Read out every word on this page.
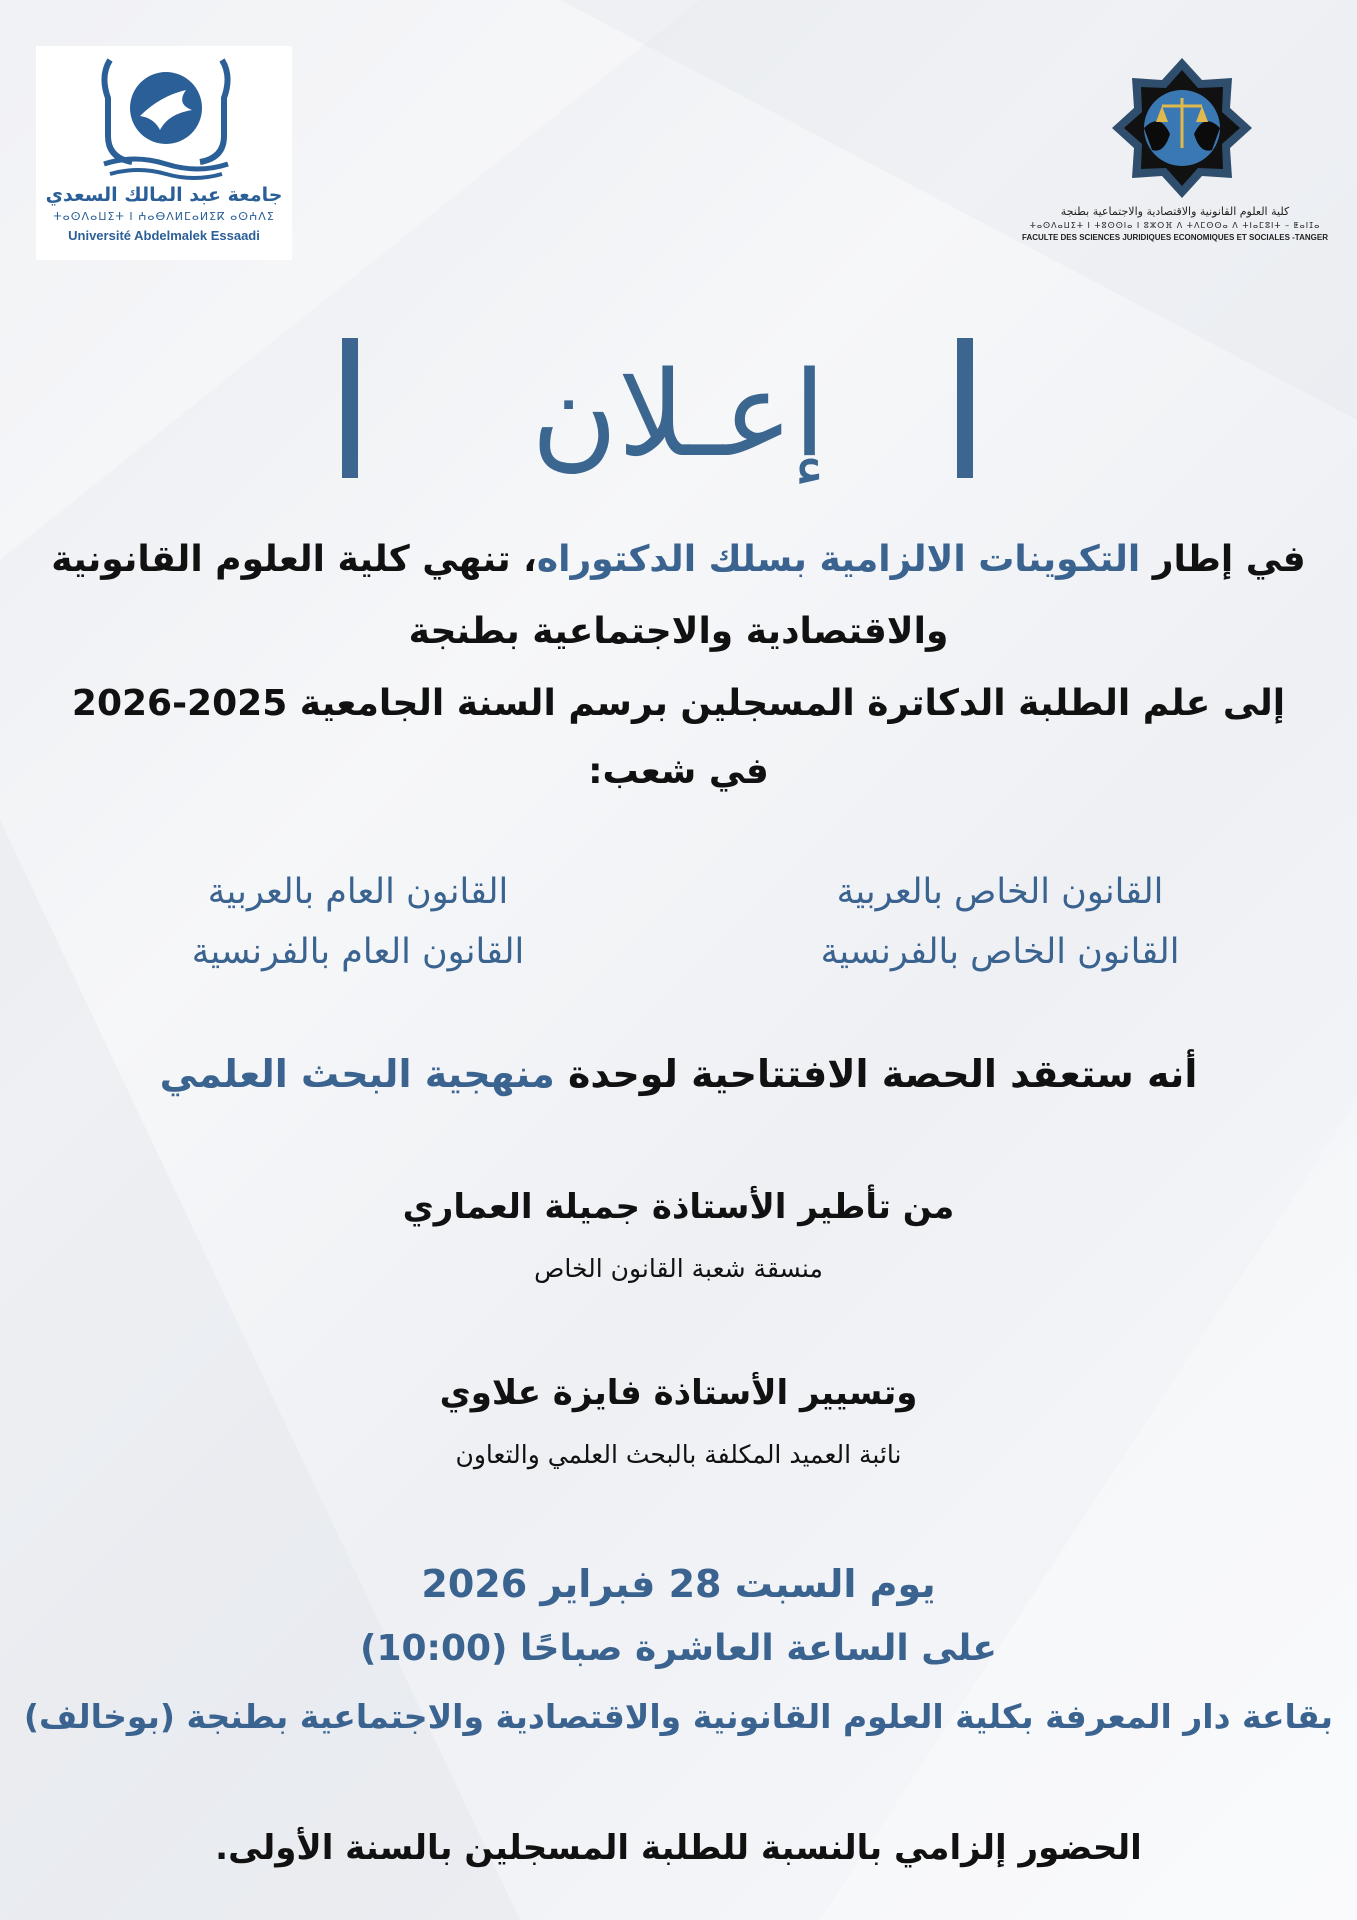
جامعة عبد المالك السعدي
ⵜⴰⵙⴷⴰⵡⵉⵜ ⵏ ⵄⴰⴱⴷⵍⵎⴰⵍⵉⴽ ⴰⵙⵄⴷⵉ
Université Abdelmalek Essaadi
كلية العلوم القانونية والاقتصادية والاجتماعية بطنجة
ⵜⴰⵙⴷⴰⵡⵉⵜ ⵏ ⵜⵓⵙⵙⵏⴰ ⵏ ⵓⵣⵔⴼ ⴷ ⵜⴷⵎⵙⵙⴰ ⴷ ⵜⵏⴰⵎⵓⵏⵜ – ⵟⴰⵏⵊⴰ
FACULTE DES SCIENCES JURIDIQUES ECONOMIQUES ET SOCIALES -TANGER
إعـلان
في إطار التكوينات الالزامية بسلك الدكتوراه، تنهي كلية العلوم القانونية
والاقتصادية والاجتماعية بطنجة
إلى علم الطلبة الدكاترة المسجلين برسم السنة الجامعية 2025-2026
في شعب:
القانون الخاص بالعربية
القانون الخاص بالفرنسية
القانون العام بالعربية
القانون العام بالفرنسية
أنه ستعقد الحصة الافتتاحية لوحدة منهجية البحث العلمي
من تأطير الأستاذة جميلة العماري
منسقة شعبة القانون الخاص
وتسيير الأستاذة فايزة علاوي
نائبة العميد المكلفة بالبحث العلمي والتعاون
يوم السبت 28 فبراير 2026
على الساعة العاشرة صباحًا (10:00)
بقاعة دار المعرفة بكلية العلوم القانونية والاقتصادية والاجتماعية بطنجة (بوخالف)
الحضور إلزامي بالنسبة للطلبة المسجلين بالسنة الأولى.
